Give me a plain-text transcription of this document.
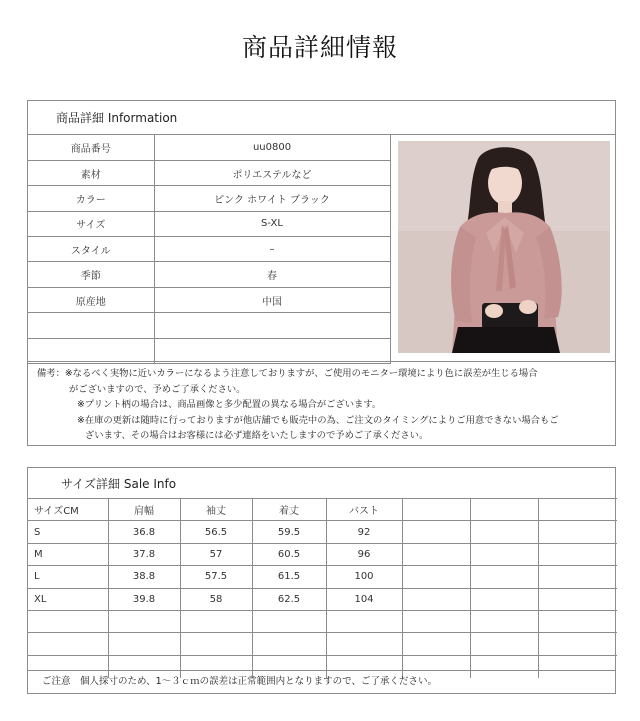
商品詳細情報
商品詳細 Information
商品番号	uu0800
素材	ポリエステルなど
カラー	ピンク ホワイト ブラック
サイズ	S-XL
スタイル	–
季節	春
原産地	中国

備考：※なるべく実物に近いカラーになるよう注意しておりますが、ご使用のモニター環境により色に誤差が生じる場合
がございますので、予めご了承ください。
※プリント柄の場合は、商品画像と多少配置の異なる場合がございます。
※在庫の更新は随時に行っておりますが他店舗でも販売中の為、ご注文のタイミングによりご用意できない場合もご
ざいます、その場合はお客様には必ず連絡をいたしますので予めご了承ください。
サイズ詳細 Sale Info
サイズCM	肩幅	袖丈	着丈	バスト			
S	36.8	56.5	59.5	92			
M	37.8	57	60.5	96			
L	38.8	57.5	61.5	100			
XL	39.8	58	62.5	104			

ご注意　個人採寸のため、1～３ｃｍの誤差は正常範囲内となりますので、ご了承ください。
